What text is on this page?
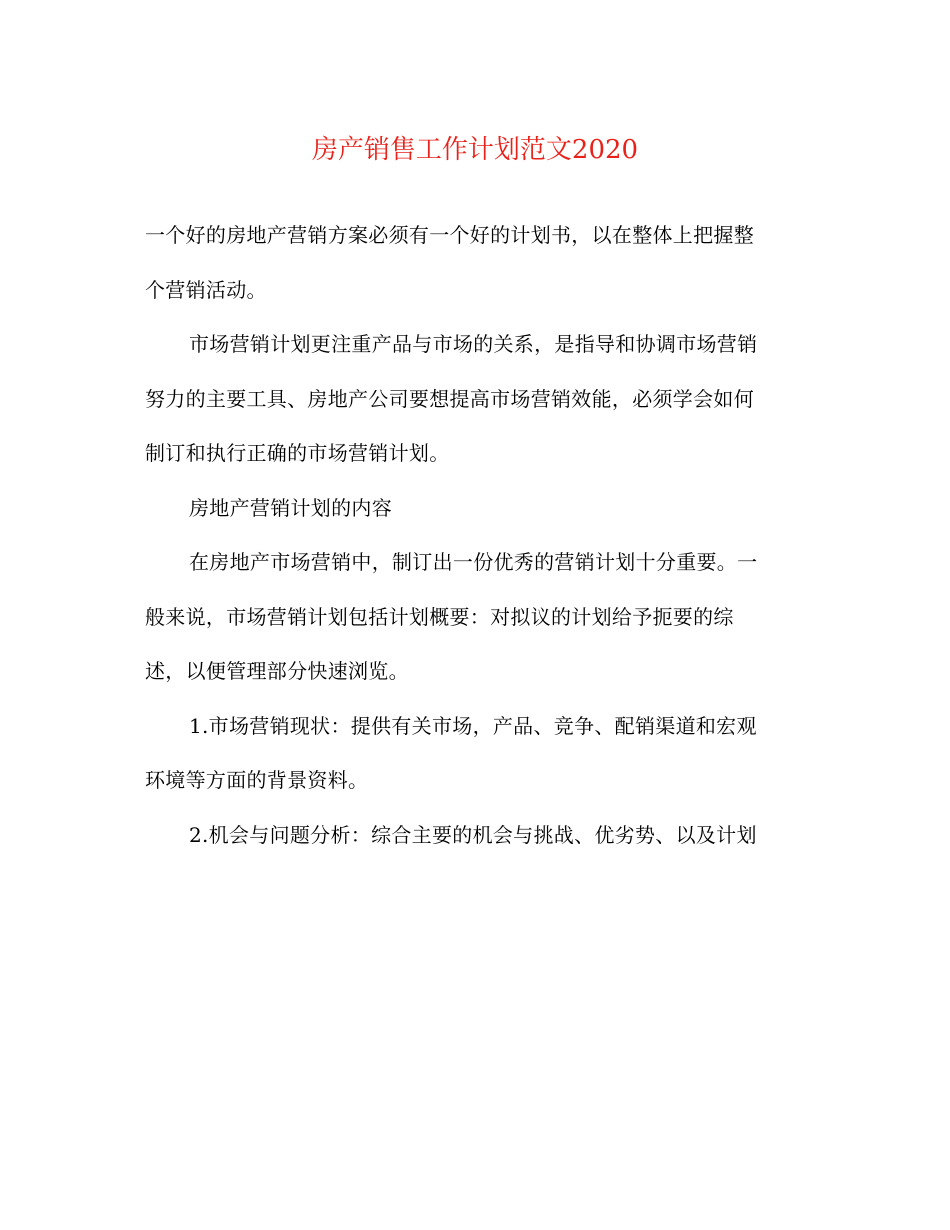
房产销售工作计划范文2020
一个好的房地产营销方案必须有一个好的计划书，以在整体上把握整
个营销活动。
市场营销计划更注重产品与市场的关系，是指导和协调市场营销
努力的主要工具、房地产公司要想提高市场营销效能，必须学会如何
制订和执行正确的市场营销计划。
房地产营销计划的内容
在房地产市场营销中，制订出一份优秀的营销计划十分重要。一
般来说，市场营销计划包括计划概要：对拟议的计划给予扼要的综
述，以便管理部分快速浏览。
1.市场营销现状：提供有关市场，产品、竞争、配销渠道和宏观
环境等方面的背景资料。
2.机会与问题分析：综合主要的机会与挑战、优劣势、以及计划
